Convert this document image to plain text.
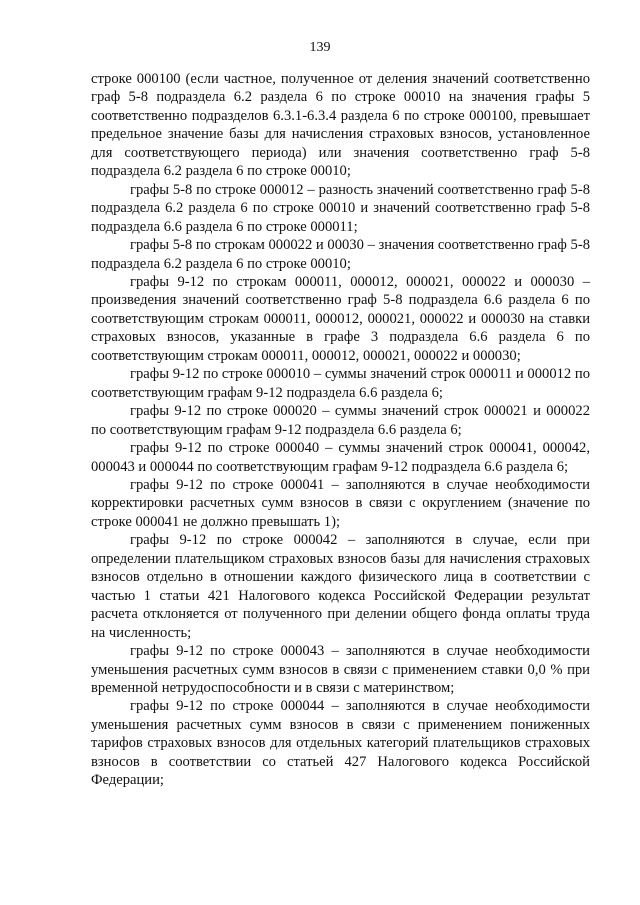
139

строке 000100 (если частное, полученное от деления значений соответственно граф 5-8 подраздела 6.2 раздела 6 по строке 00010 на значения графы 5 соответственно подразделов 6.3.1-6.3.4 раздела 6 по строке 000100, превышает предельное значение базы для начисления страховых взносов, установленное для соответствующего периода) или значения соответственно граф 5-8 подраздела 6.2 раздела 6 по строке 00010;

графы 5-8 по строке 000012 – разность значений соответственно граф 5-8 подраздела 6.2 раздела 6 по строке 00010 и значений соответственно граф 5-8 подраздела 6.6 раздела 6 по строке 000011;

графы 5-8 по строкам 000022 и 00030 – значения соответственно граф 5-8 подраздела 6.2 раздела 6 по строке 00010;

графы 9-12 по строкам 000011, 000012, 000021, 000022 и 000030 – произведения значений соответственно граф 5-8 подраздела 6.6 раздела 6 по соответствующим строкам 000011, 000012, 000021, 000022 и 000030 на ставки страховых взносов, указанные в графе 3 подраздела 6.6 раздела 6 по соответствующим строкам 000011, 000012, 000021, 000022 и 000030;

графы 9-12 по строке 000010 – суммы значений строк 000011 и 000012 по соответствующим графам 9-12 подраздела 6.6 раздела 6;

графы 9-12 по строке 000020 – суммы значений строк 000021 и 000022 по соответствующим графам 9-12 подраздела 6.6 раздела 6;

графы 9-12 по строке 000040 – суммы значений строк 000041, 000042, 000043 и 000044 по соответствующим графам 9-12 подраздела 6.6 раздела 6;

графы 9-12 по строке 000041 – заполняются в случае необходимости корректировки расчетных сумм взносов в связи с округлением (значение по строке 000041 не должно превышать 1);

графы 9-12 по строке 000042 – заполняются в случае, если при определении плательщиком страховых взносов базы для начисления страховых взносов отдельно в отношении каждого физического лица в соответствии с частью 1 статьи 421 Налогового кодекса Российской Федерации результат расчета отклоняется от полученного при делении общего фонда оплаты труда на численность;

графы 9-12 по строке 000043 – заполняются в случае необходимости уменьшения расчетных сумм взносов в связи с применением ставки 0,0 % при временной нетрудоспособности и в связи с материнством;

графы 9-12 по строке 000044 – заполняются в случае необходимости уменьшения расчетных сумм взносов в связи с применением пониженных тарифов страховых взносов для отдельных категорий плательщиков страховых взносов в соответствии со статьей 427 Налогового кодекса Российской Федерации;
